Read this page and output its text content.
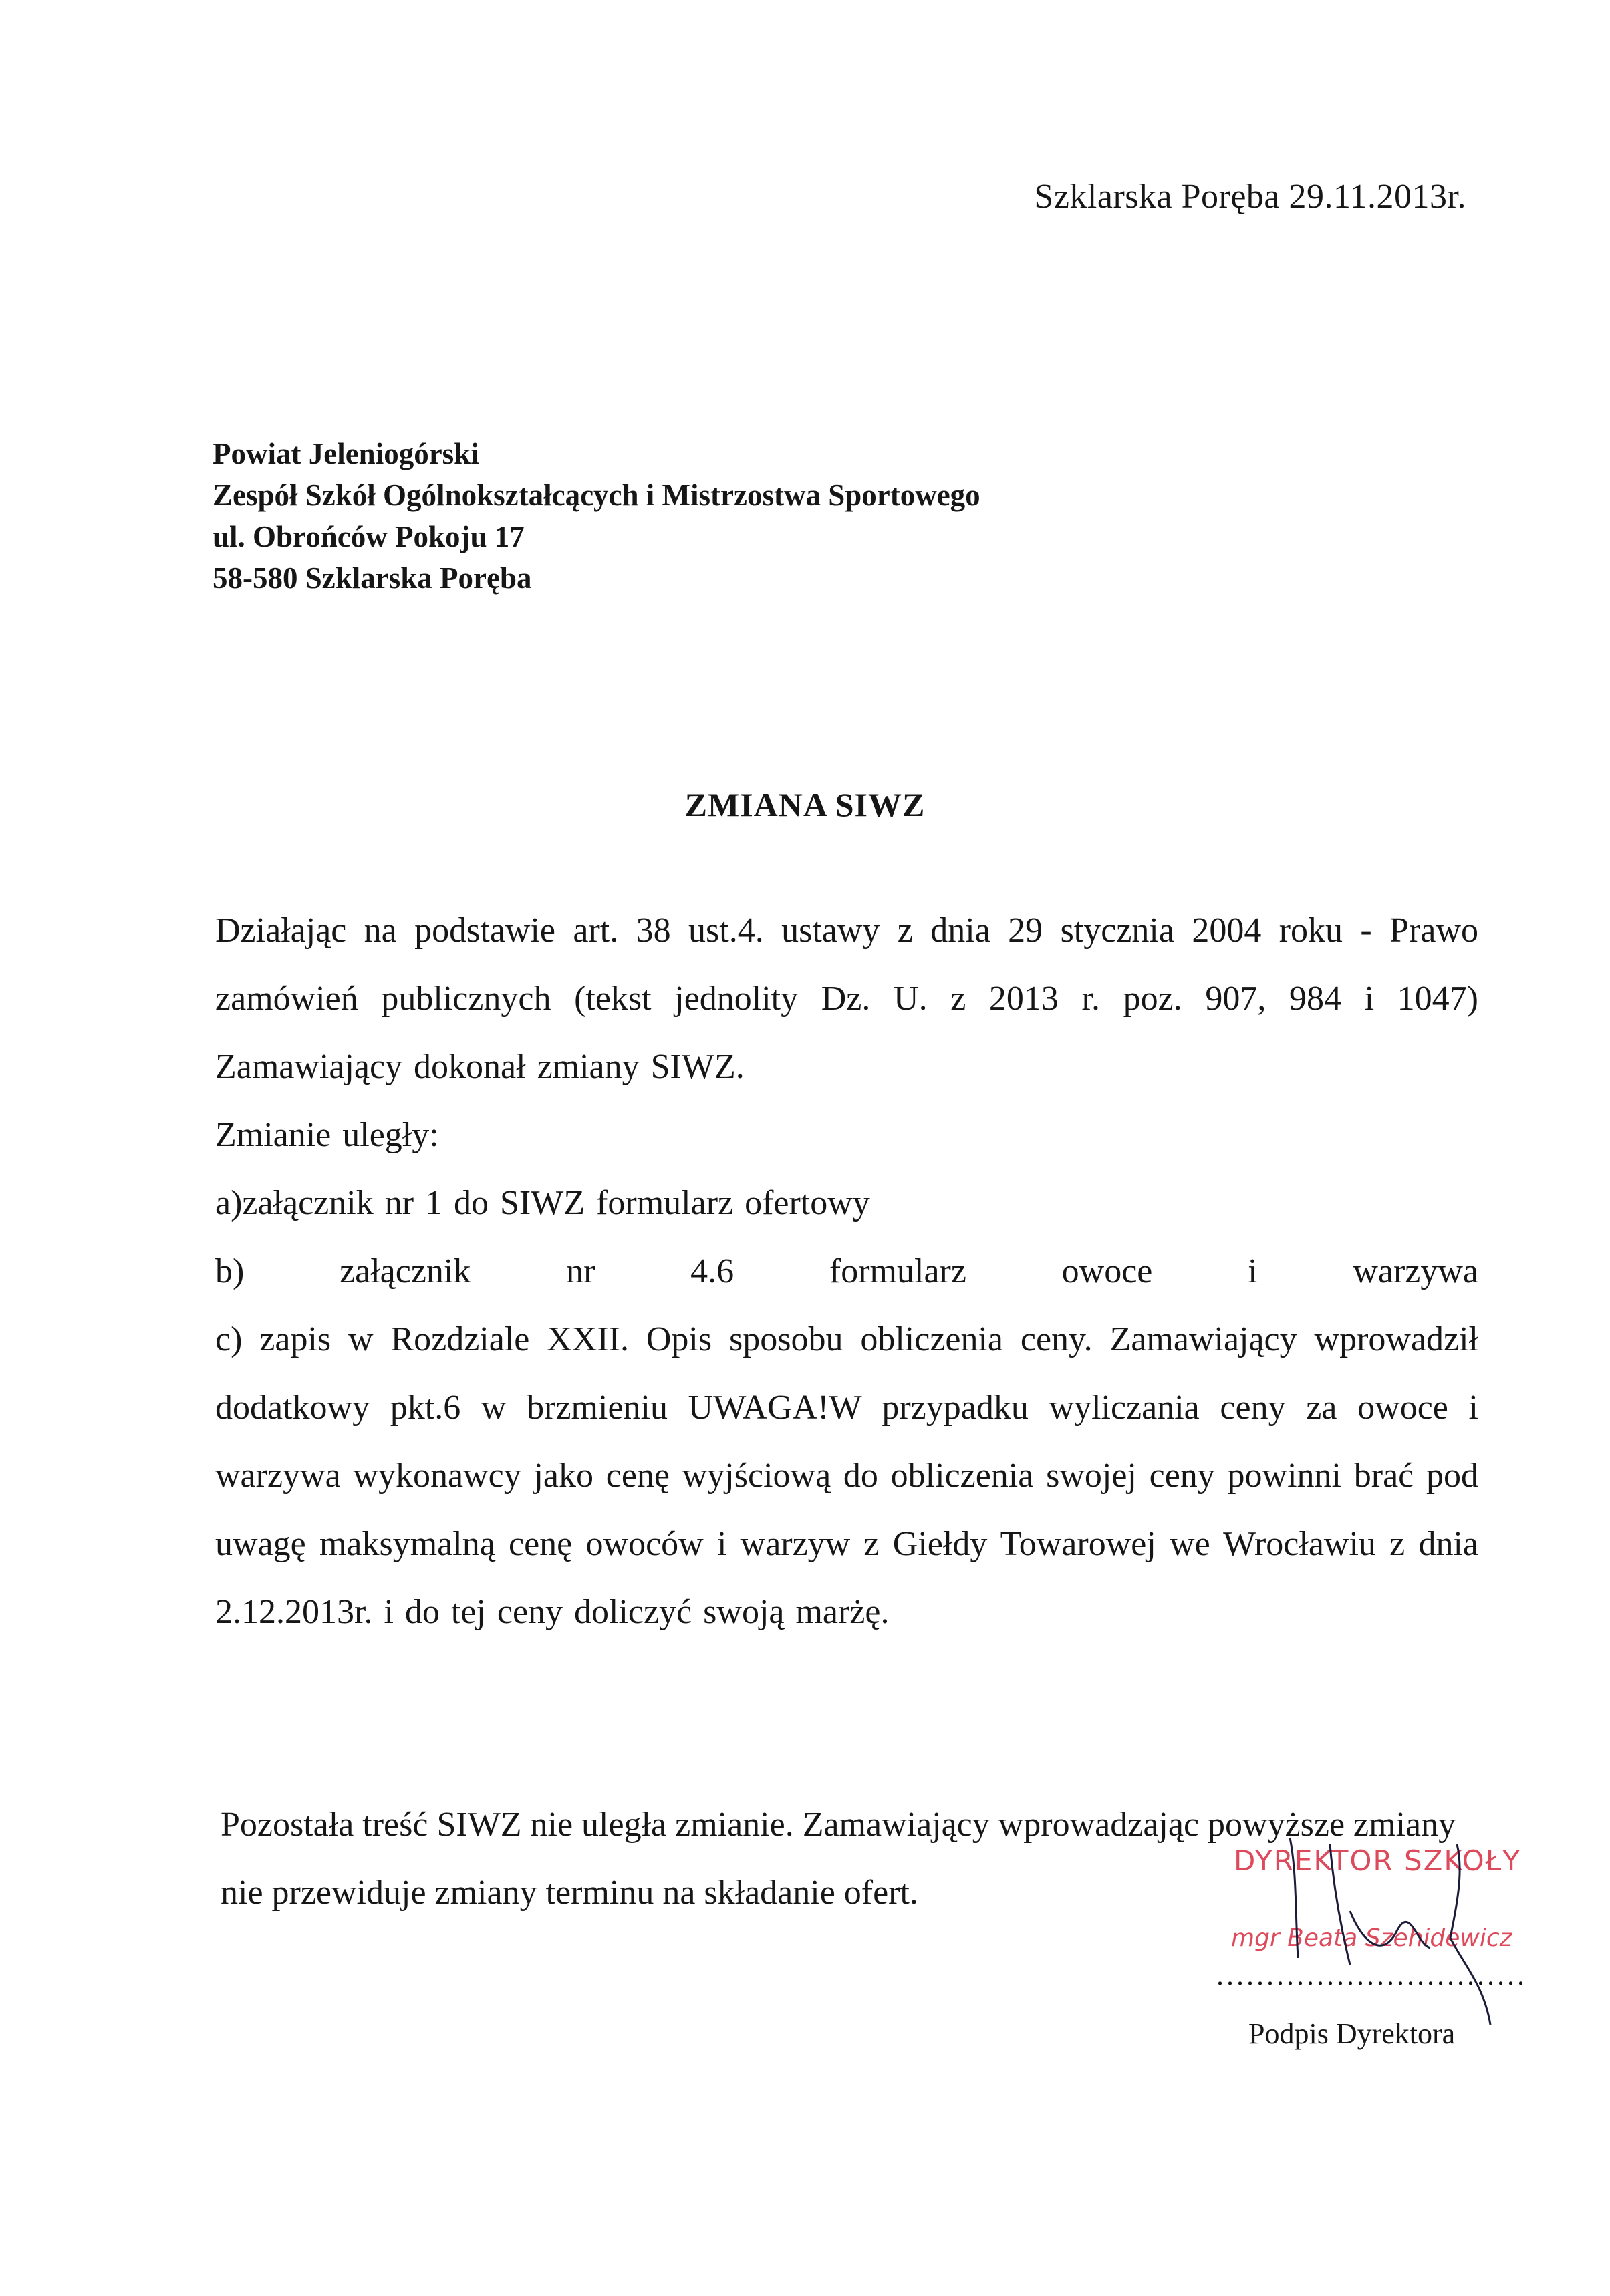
Szklarska Poręba 29.11.2013r.
Powiat Jeleniogórski
Zespół Szkół Ogólnokształcących i Mistrzostwa Sportowego
ul. Obrońców Pokoju 17
58-580 Szklarska Poręba
ZMIANA SIWZ

Działając na podstawie art. 38 ust.4. ustawy z dnia 29 stycznia 2004 roku - Prawo zamówień publicznych (tekst jednolity Dz. U. z 2013 r. poz. 907, 984 i 1047) Zamawiający dokonał zmiany SIWZ.

Zmianie uległy:

a)załącznik nr 1 do SIWZ formularz ofertowy

b) załącznik nr 4.6 formularz owoce i warzywa

c) zapis w Rozdziale XXII. Opis sposobu obliczenia ceny. Zamawiający wprowadził dodatkowy pkt.6 w brzmieniu UWAGA!W przypadku wyliczania ceny za owoce i warzywa wykonawcy jako cenę wyjściową do obliczenia swojej ceny powinni brać pod uwagę maksymalną cenę owoców i warzyw z Giełdy Towarowej we Wrocławiu z dnia 2.12.2013r. i do tej ceny doliczyć swoją marżę.

Pozostała treść SIWZ nie uległa zmianie. Zamawiający wprowadzając powyższe zmiany nie przewiduje zmiany terminu na składanie ofert.

DYREKTOR SZKOŁY
mgr Beata Szehidewicz
...............................
Podpis Dyrektora
